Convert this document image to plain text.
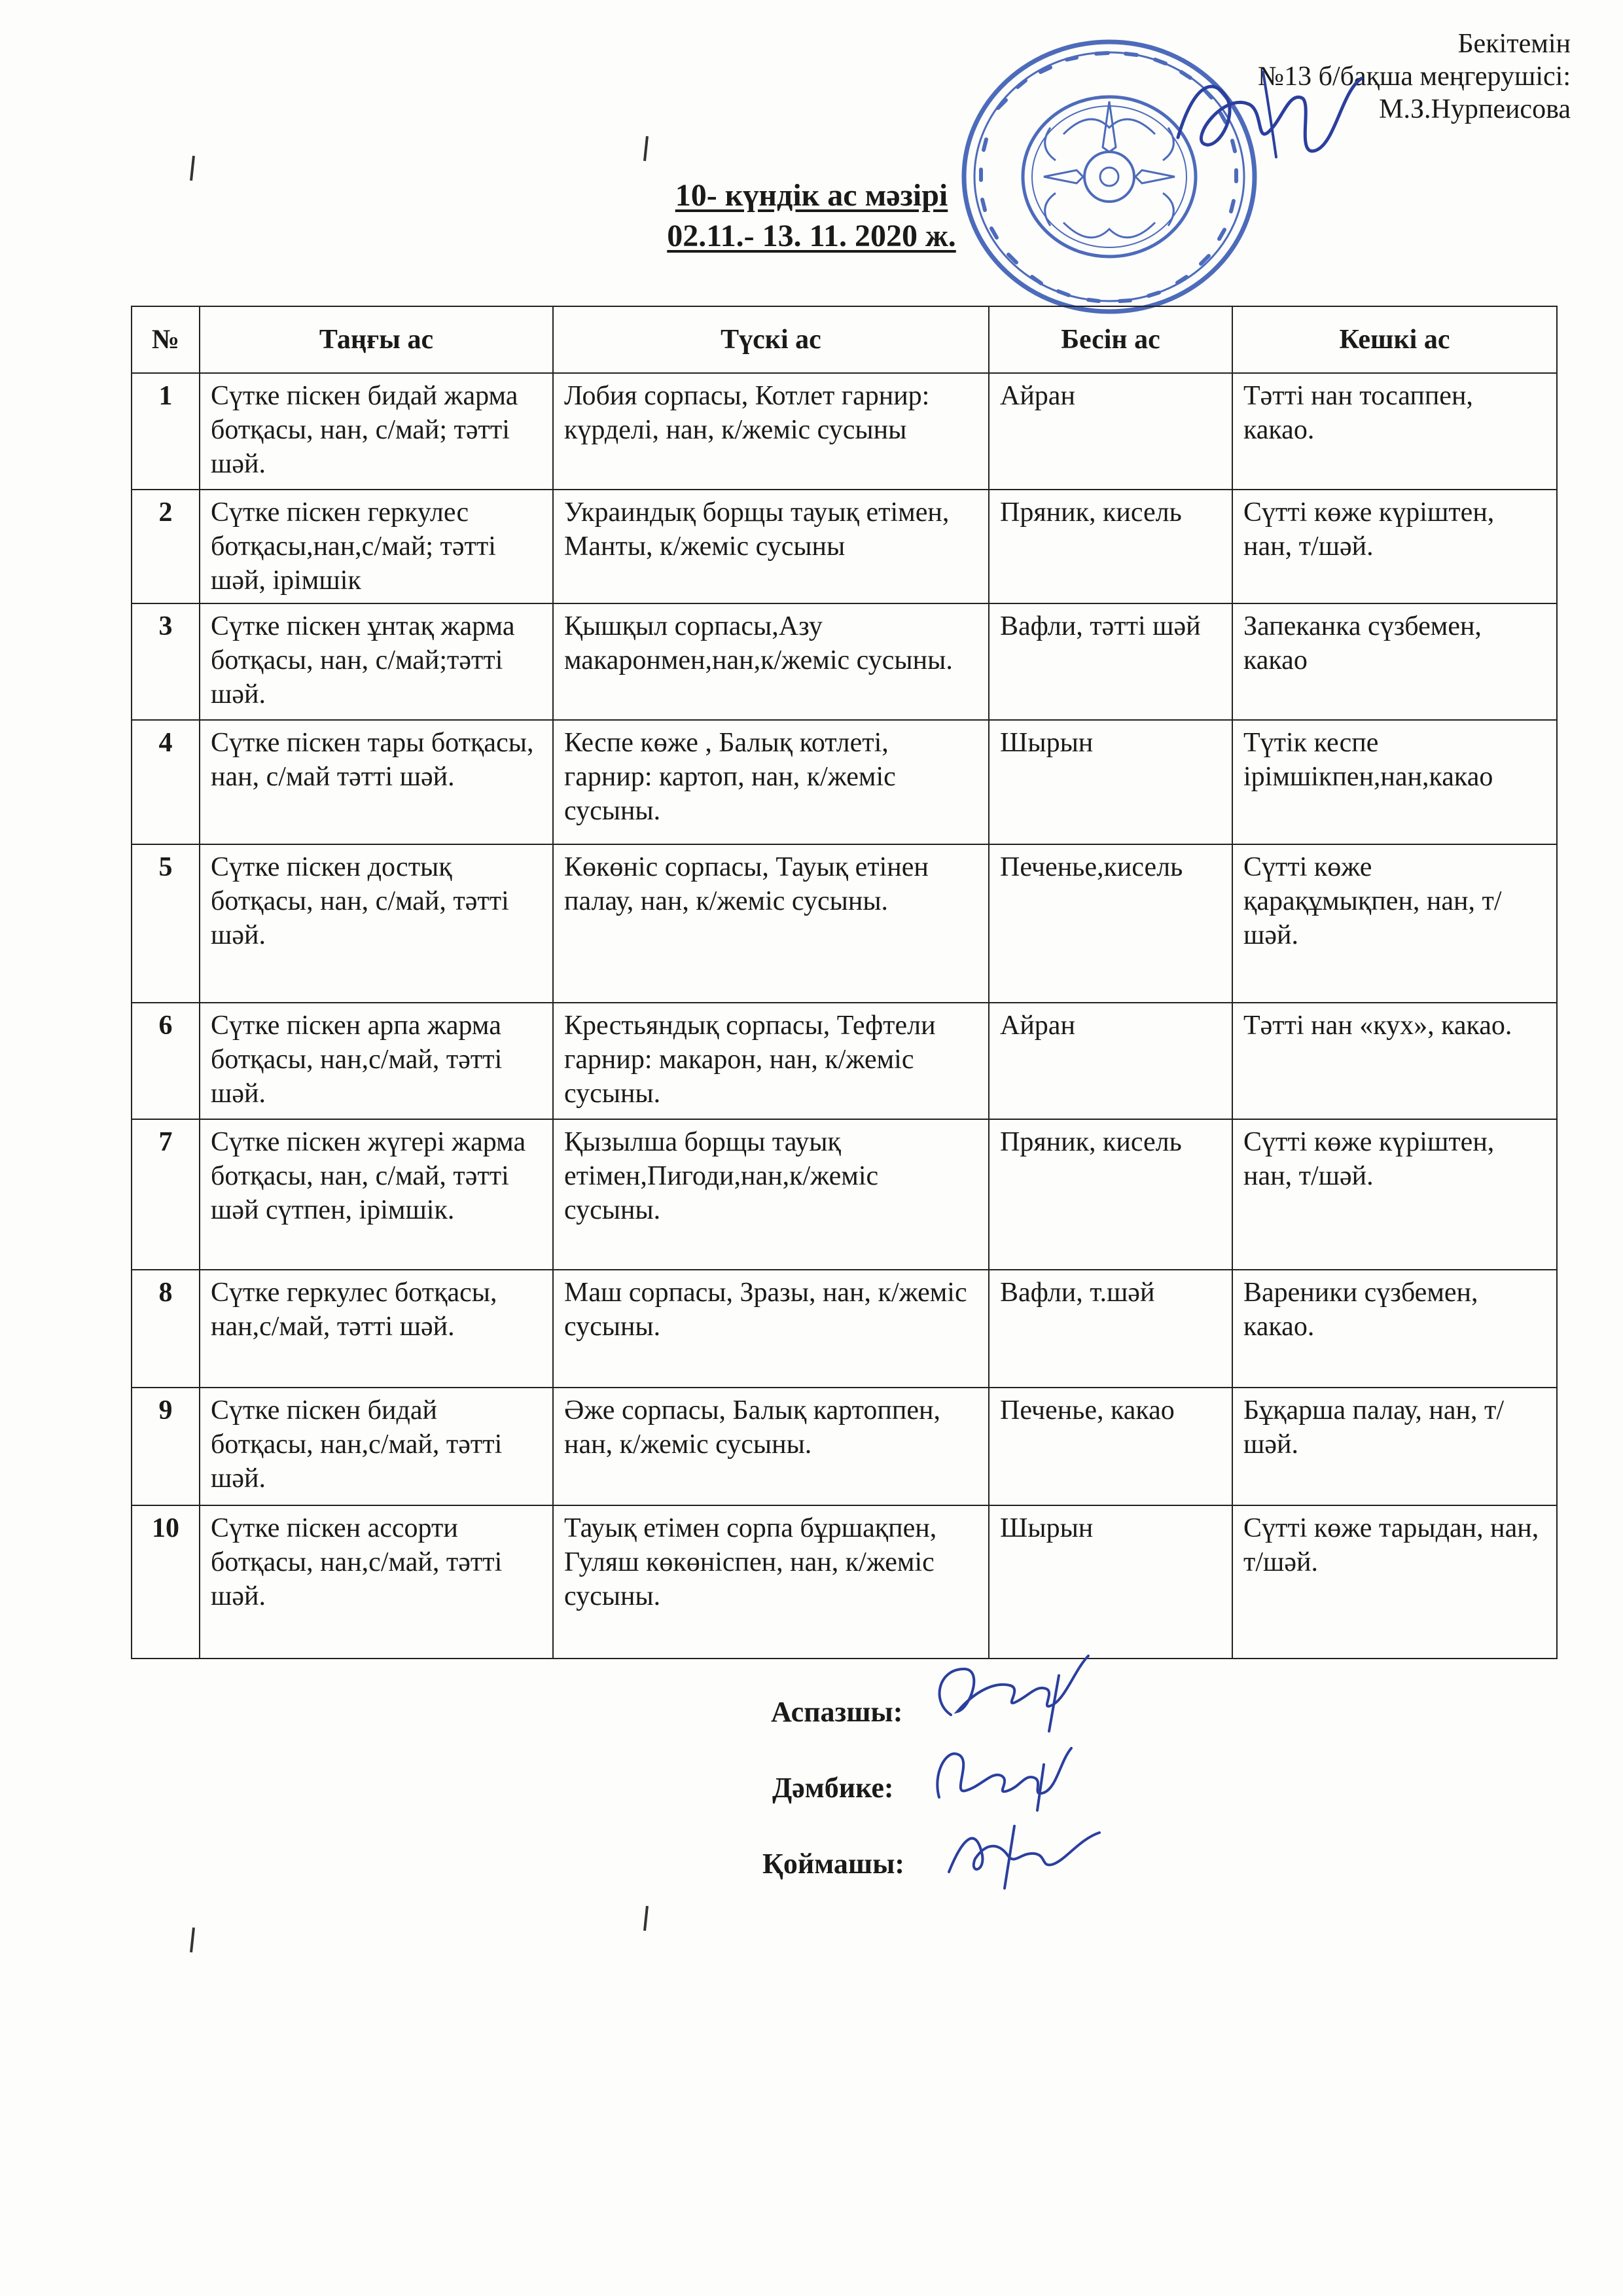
Бекітемін
№13 б/бақша меңгерушісі:
М.З.Нурпеисова
10- күндік ас мәзірі
02.11.- 13. 11. 2020 ж.
№	Таңғы ас	Түскі ас	Бесін ас	Кешкі ас
1	Сүтке піскен бидай жарма ботқасы, нан, с/май; тәтті шәй.	Лобия сорпасы, Котлет гарнир: күрделі, нан, к/жеміс сусыны	Айран	Тәтті нан тосаппен, какао.
2	Сүтке піскен геркулес ботқасы,нан,с/май; тәтті шәй, ірімшік	Украиндық борщы тауық етімен, Манты, к/жеміс сусыны	Пряник, кисель	Сүтті көже күріштен, нан, т/шәй.
3	Сүтке піскен ұнтақ жарма ботқасы, нан, с/май;тәтті шәй.	Қышқыл сорпасы,Азу макаронмен,нан,к/жеміс сусыны.	Вафли, тәтті шәй	Запеканка сүзбемен, какао
4	Сүтке піскен тары ботқасы, нан, с/май тәтті шәй.	Кеспе көже , Балық котлеті, гарнир: картоп, нан, к/жеміс сусыны.	Шырын	Түтік кеспе ірімшікпен,нан,какао
5	Сүтке піскен достық ботқасы, нан, с/май, тәтті шәй.	Көкөніс сорпасы, Тауық етінен палау, нан, к/жеміс сусыны.	Печенье,кисель	Сүтті көже қарақұмықпен, нан, т/шәй.
6	Сүтке піскен арпа жарма ботқасы, нан,с/май, тәтті шәй.	Крестьяндық сорпасы, Тефтели гарнир: макарон, нан, к/жеміс сусыны.	Айран	Тәтті нан «кух», какао.
7	Сүтке піскен жүгері жарма ботқасы, нан, с/май, тәтті шәй сүтпен, ірімшік.	Қызылша борщы тауық етімен,Пигоди,нан,к/жеміс сусыны.	Пряник, кисель	Сүтті көже күріштен, нан, т/шәй.
8	Сүтке геркулес ботқасы, нан,с/май, тәтті шәй.	Маш сорпасы, Зразы, нан, к/жеміс сусыны.	Вафли, т.шәй	Вареники сүзбемен, какао.
9	Сүтке піскен бидай ботқасы, нан,с/май, тәтті шәй.	Әже сорпасы, Балық картоппен, нан, к/жеміс сусыны.	Печенье, какао	Бұқарша палау, нан, т/шәй.
10	Сүтке піскен ассорти ботқасы, нан,с/май, тәтті шәй.	Тауық етімен сорпа бұршақпен, Гуляш көкөніспен, нан, к/жеміс сусыны.	Шырын	Сүтті көже тарыдан, нан, т/шәй.
Аспазшы:
Дәмбике:
Қоймашы:
